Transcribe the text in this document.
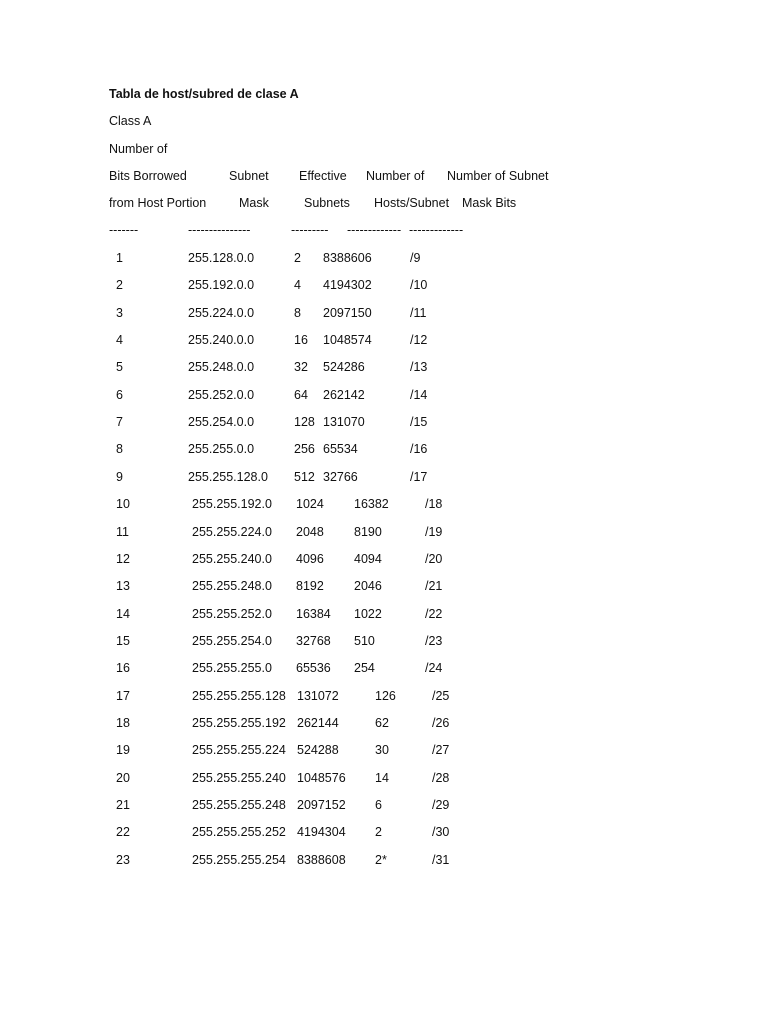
Tabla de host/subred de clase A
Class A
Number of
Bits Borrowed	Subnet Effective Number of Number of Subnet
from Host Portion	Mask	Subnets Hosts/Subnet Mask Bits
-------	---------------	--------- ------------- -------------
1	255.128.0.0	2 8388606	/9
2	255.192.0.0	4 4194302	/10
3	255.224.0.0	8 2097150	/11
4	255.240.0.0	16 1048574	/12
5	255.248.0.0	32 524286	/13
6	255.252.0.0	64 262142	/14
7	255.254.0.0	128 131070	/15
8	255.255.0.0	256 65534	/16
9	255.255.128.0 512 32766	/17
10	255.255.192.0 1024 16382	/18
11	255.255.224.0 2048 8190	/19
12	255.255.240.0 4096 4094	/20
13	255.255.248.0 8192 2046	/21
14	255.255.252.0 16384 1022	/22
15	255.255.254.0 32768 510	/23
16	255.255.255.0 65536 254	/24
17	255.255.255.128 131072	126	/25
18	255.255.255.192 262144	62	/26
19	255.255.255.224 524288	30	/27
20	255.255.255.240 1048576 14	/28
21	255.255.255.248 2097152 6	/29
22	255.255.255.252 4194304 2	/30
23	255.255.255.254 8388608 2*	/31
